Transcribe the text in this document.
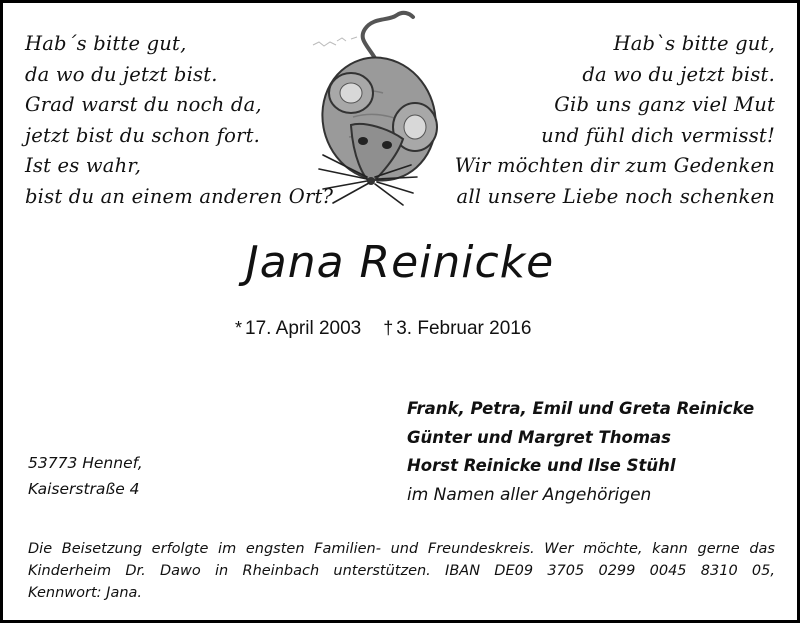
Hab´s bitte gut,
da wo du jetzt bist.
Grad warst du noch da,
jetzt bist du schon fort.
Ist es wahr,
bist du an einem anderen Ort?
Hab`s bitte gut,
da wo du jetzt bist.
Gib uns ganz viel Mut
und fühl dich vermisst!
Wir möchten dir zum Gedenken
all unsere Liebe noch schenken
Jana Reinicke
* 17. April 2003 † 3. Februar 2016
Frank, Petra, Emil und Greta Reinicke
Günter und Margret Thomas
Horst Reinicke und Ilse Stühl
im Namen aller Angehörigen
53773 Hennef,
Kaiserstraße 4
Die Beisetzung erfolgte im engsten Familien- und Freundeskreis. Wer möchte, kann gerne das
Kinderheim Dr. Dawo in Rheinbach unterstützen. IBAN DE09 3705 0299 0045 8310 05,
Kennwort: Jana.
